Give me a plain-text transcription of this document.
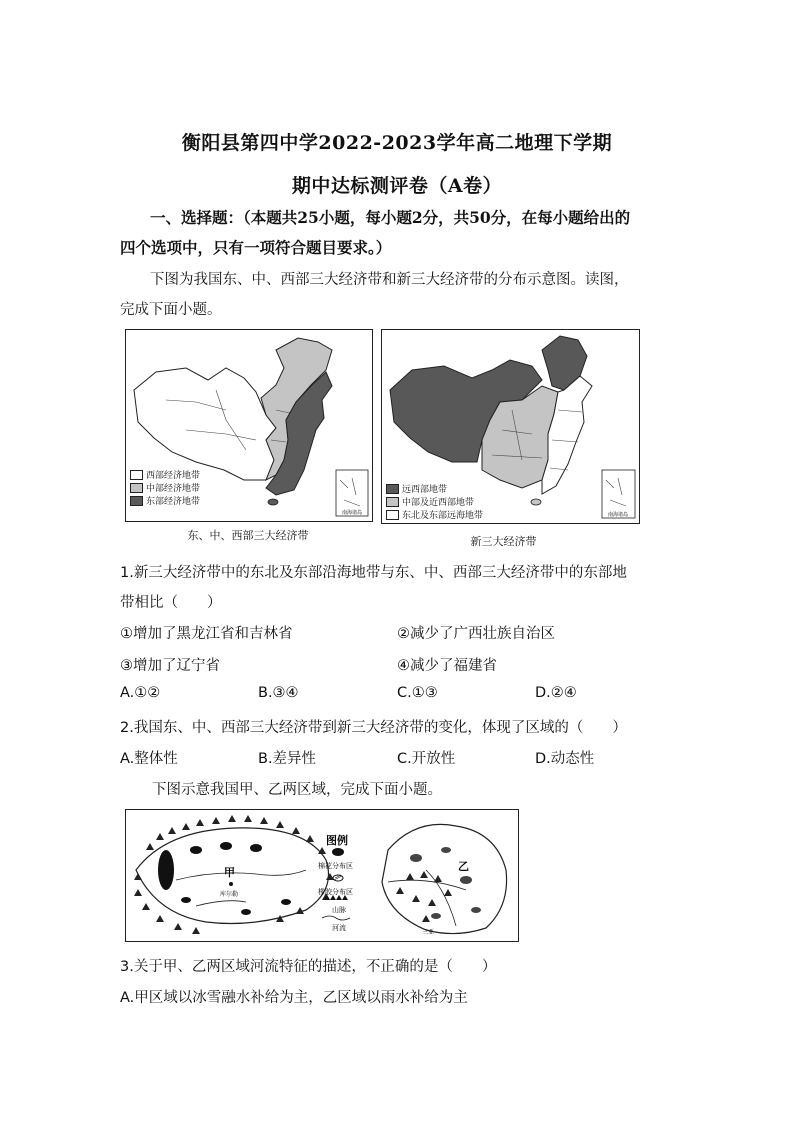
衡阳县第四中学2022-2023学年高二地理下学期
期中达标测评卷（A卷）
一、选择题：（本题共25小题，每小题2分，共50分，在每小题给出的
四个选项中，只有一项符合题目要求。）
下图为我国东、中、西部三大经济带和新三大经济带的分布示意图。读图，
完成下面小题。
南海诸岛
西部经济地带
中部经济地带
东部经济地带
东、中、西部三大经济带
南海诸岛
远西部地带
中部及近西部地带
东北及东部远海地带
新三大经济带
1.新三大经济带中的东北及东部沿海地带与东、中、西部三大经济带中的东部地
带相比（　　）
①增加了黑龙江省和吉林省	②减少了广西壮族自治区
③增加了辽宁省	④减少了福建省
A.①②	B.③④	C.①③	D.②④
2.我国东、中、西部三大经济带到新三大经济带的变化，体现了区域的（　　）
A.整体性	B.差异性	C.开放性	D.动态性
下图示意我国甲、乙两区域，完成下面小题。
甲
库尔勒
图例
棉花分布区
橡胶分布区
山脉
河流
乙
三亚
3.关于甲、乙两区域河流特征的描述，不正确的是（　　）
A.甲区域以冰雪融水补给为主，乙区域以雨水补给为主
